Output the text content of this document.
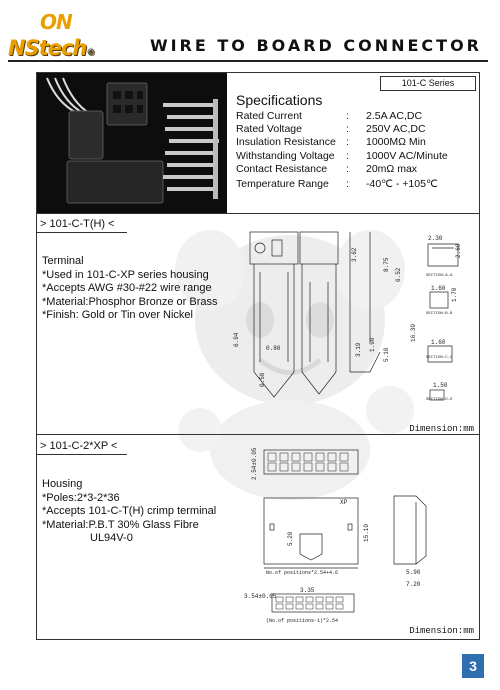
ON
NStech®	WIRE TO BOARD CONNECTOR
101-C Series
Specifications
Rated Current	: 2.5A AC,DC
Rated Voltage	: 250V AC,DC
Insulation Resistance : 1000MΩ Min
Withstanding Voltage : 1000V AC/Minute
Contact Resistance : 20mΩ max
Temperature Range : -40℃ - +105℃
> 101-C-T(H) <
Terminal
*Used in 101-C-XP series housing
*Accepts AWG #30-#22 wire range
*Material:Phosphor Bronze or Brass
*Finish: Gold or Tin over Nickel
8.75
6.52
16.30
3.62
6.94
0.80	3.19 1.90
5.10
0.50
2.30
2.60
1.60 1.70
1.60
1.50
SECTION:A-A
SECTION:B-B
SECTION:C-C
SECTION:D-D
Dimension:mm
> 101-C-2*XP <
Housing
*Poles:2*3-2*36
*Accepts 101-C-T(H) crimp terminal
*Material:P.B.T 30% Glass Fibre
UL94V-0
2.54±0.05
XP
5.20	15.10
5.90
7.20
3.54±0.05
3.35
No.of positions*2.54+4.6
(No.of positions-1)*2.54
Dimension:mm
3
